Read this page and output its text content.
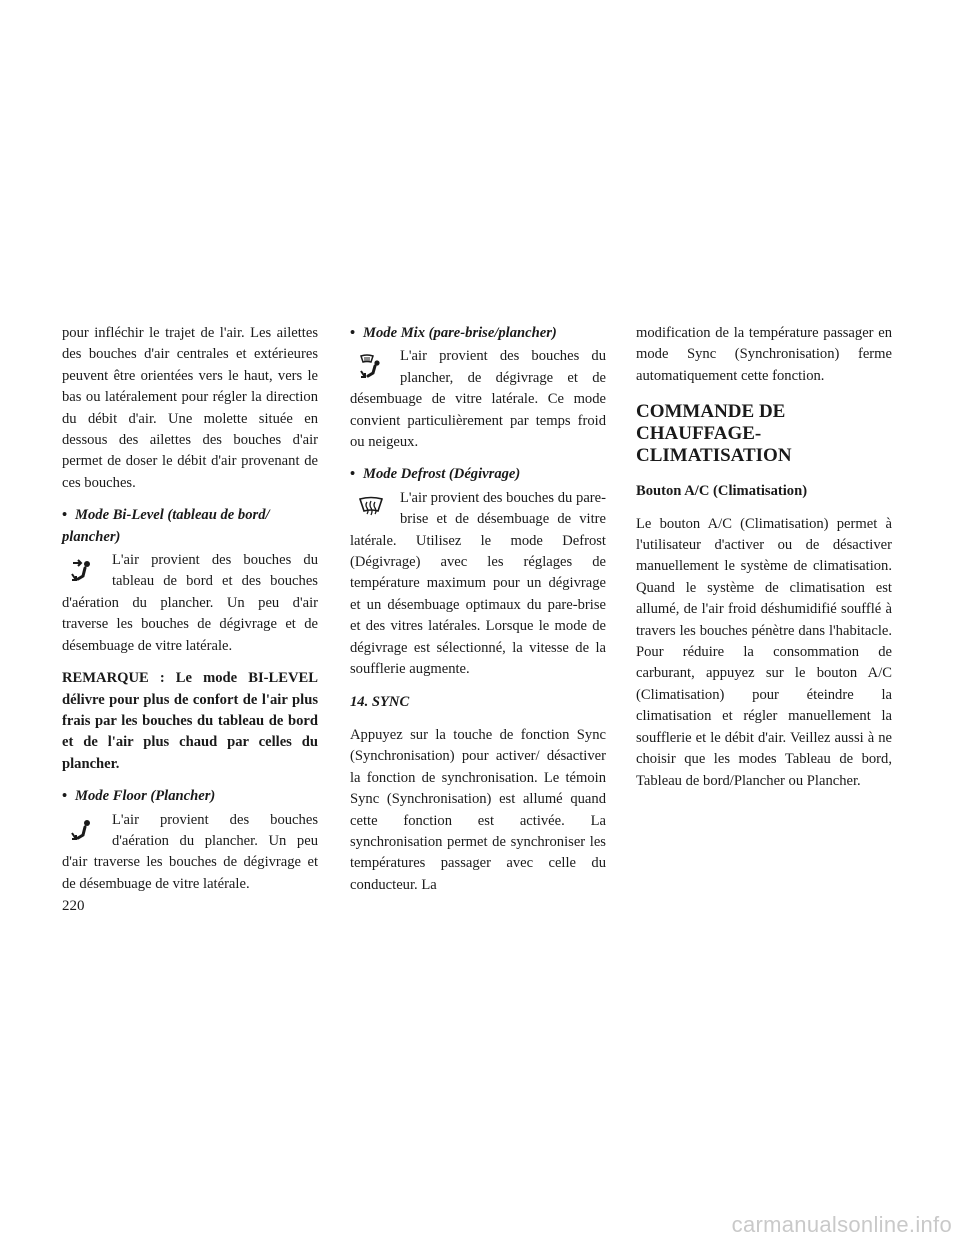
pour infléchir le trajet de l'air. Les ailettes des bouches d'air centrales et extérieures peuvent être orientées vers le haut, vers le bas ou latéralement pour régler la direction du débit d'air. Une molette située en dessous des ailettes des bouches d'air permet de doser le débit d'air provenant de ces bouches.

• Mode Bi-Level (tableau de bord/ plancher)
L'air provient des bouches du tableau de bord et des bouches d'aération du plancher. Un peu d'air traverse les bouches de dégivrage et de désembuage de vitre latérale.

REMARQUE : Le mode BI-LEVEL délivre pour plus de confort de l'air plus frais par les bouches du tableau de bord et de l'air plus chaud par celles du plancher.

• Mode Floor (Plancher)
L'air provient des bouches d'aération du plancher. Un peu d'air traverse les bouches de dégivrage et de désembuage de vitre latérale.
• Mode Mix (pare-brise/plancher)
L'air provient des bouches du plancher, de dégivrage et de désembuage de vitre latérale. Ce mode convient particulièrement par temps froid ou neigeux.
• Mode Defrost (Dégivrage)
L'air provient des bouches du pare-brise et de désembuage de vitre latérale. Utilisez le mode Defrost (Dégivrage) avec les réglages de température maximum pour un dégivrage et un désembuage optimaux du pare-brise et des vitres latérales. Lorsque le mode de dégivrage est sélectionné, la vitesse de la soufflerie augmente.
14. SYNC

Appuyez sur la touche de fonction Sync (Synchronisation) pour activer/ désactiver la fonction de synchronisation. Le témoin Sync (Synchronisation) est allumé quand cette fonction est activée. La synchronisation permet de synchroniser les températures passager avec celle du conducteur. La

modification de la température passager en mode Sync (Synchronisation) ferme automatiquement cette fonction.

COMMANDE DE CHAUFFAGE-CLIMATISATION
Bouton A/C (Climatisation)

Le bouton A/C (Climatisation) permet à l'utilisateur d'activer ou de désactiver manuellement le système de climatisation. Quand le système de climatisation est allumé, de l'air froid déshumidifié soufflé à travers les bouches pénètre dans l'habitacle. Pour réduire la consommation de carburant, appuyez sur le bouton A/C (Climatisation) pour éteindre la climatisation et régler manuellement la soufflerie et le débit d'air. Veillez aussi à ne choisir que les modes Tableau de bord, Tableau de bord/Plancher ou Plancher.

220
carmanualsonline.info
